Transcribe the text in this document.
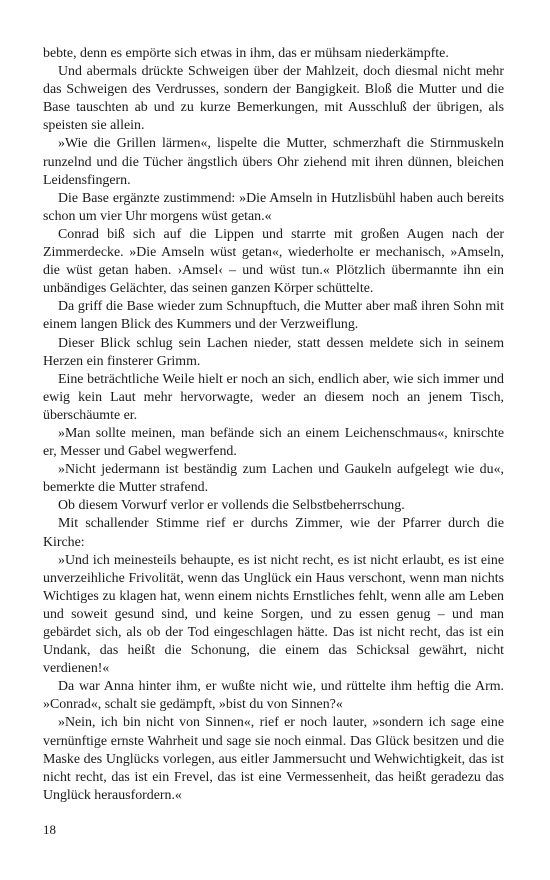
bebte, denn es empörte sich etwas in ihm, das er mühsam niederkämpfte.

Und abermals drückte Schweigen über der Mahlzeit, doch diesmal nicht mehr das Schweigen des Verdrusses, sondern der Bangigkeit. Bloß die Mutter und die Base tauschten ab und zu kurze Bemerkungen, mit Ausschluß der übrigen, als speisten sie allein.

»Wie die Grillen lärmen«, lispelte die Mutter, schmerzhaft die Stirnmuskeln runzelnd und die Tücher ängstlich übers Ohr ziehend mit ihren dünnen, bleichen Leidensfingern.

Die Base ergänzte zustimmend: »Die Amseln in Hutzlisbühl haben auch bereits schon um vier Uhr morgens wüst getan.«

Conrad biß sich auf die Lippen und starrte mit großen Augen nach der Zimmerdecke. »Die Amseln wüst getan«, wiederholte er mechanisch, »Amseln, die wüst getan haben. ›Amsel‹ – und wüst tun.« Plötzlich übermannte ihn ein unbändiges Gelächter, das seinen ganzen Körper schüttelte.

Da griff die Base wieder zum Schnupftuch, die Mutter aber maß ihren Sohn mit einem langen Blick des Kummers und der Verzweiflung.

Dieser Blick schlug sein Lachen nieder, statt dessen meldete sich in seinem Herzen ein finsterer Grimm.

Eine beträchtliche Weile hielt er noch an sich, endlich aber, wie sich immer und ewig kein Laut mehr hervorwagte, weder an diesem noch an jenem Tisch, überschäumte er.

»Man sollte meinen, man befände sich an einem Leichenschmaus«, knirschte er, Messer und Gabel wegwerfend.

»Nicht jedermann ist beständig zum Lachen und Gaukeln aufgelegt wie du«, bemerkte die Mutter strafend.

Ob diesem Vorwurf verlor er vollends die Selbstbeherrschung.

Mit schallender Stimme rief er durchs Zimmer, wie der Pfarrer durch die Kirche:

»Und ich meinesteils behaupte, es ist nicht recht, es ist nicht erlaubt, es ist eine unverzeihliche Frivolität, wenn das Unglück ein Haus verschont, wenn man nichts Wichtiges zu klagen hat, wenn einem nichts Ernstliches fehlt, wenn alle am Leben und soweit gesund sind, und keine Sorgen, und zu essen genug – und man gebärdet sich, als ob der Tod eingeschlagen hätte. Das ist nicht recht, das ist ein Undank, das heißt die Schonung, die einem das Schicksal gewährt, nicht verdienen!«

Da war Anna hinter ihm, er wußte nicht wie, und rüttelte ihm heftig die Arm. »Conrad«, schalt sie gedämpft, »bist du von Sinnen?«

»Nein, ich bin nicht von Sinnen«, rief er noch lauter, »sondern ich sage eine vernünftige ernste Wahrheit und sage sie noch einmal. Das Glück besitzen und die Maske des Unglücks vorlegen, aus eitler Jammersucht und Wehwichtigkeit, das ist nicht recht, das ist ein Frevel, das ist eine Vermessenheit, das heißt geradezu das Unglück herausfordern.«

18
